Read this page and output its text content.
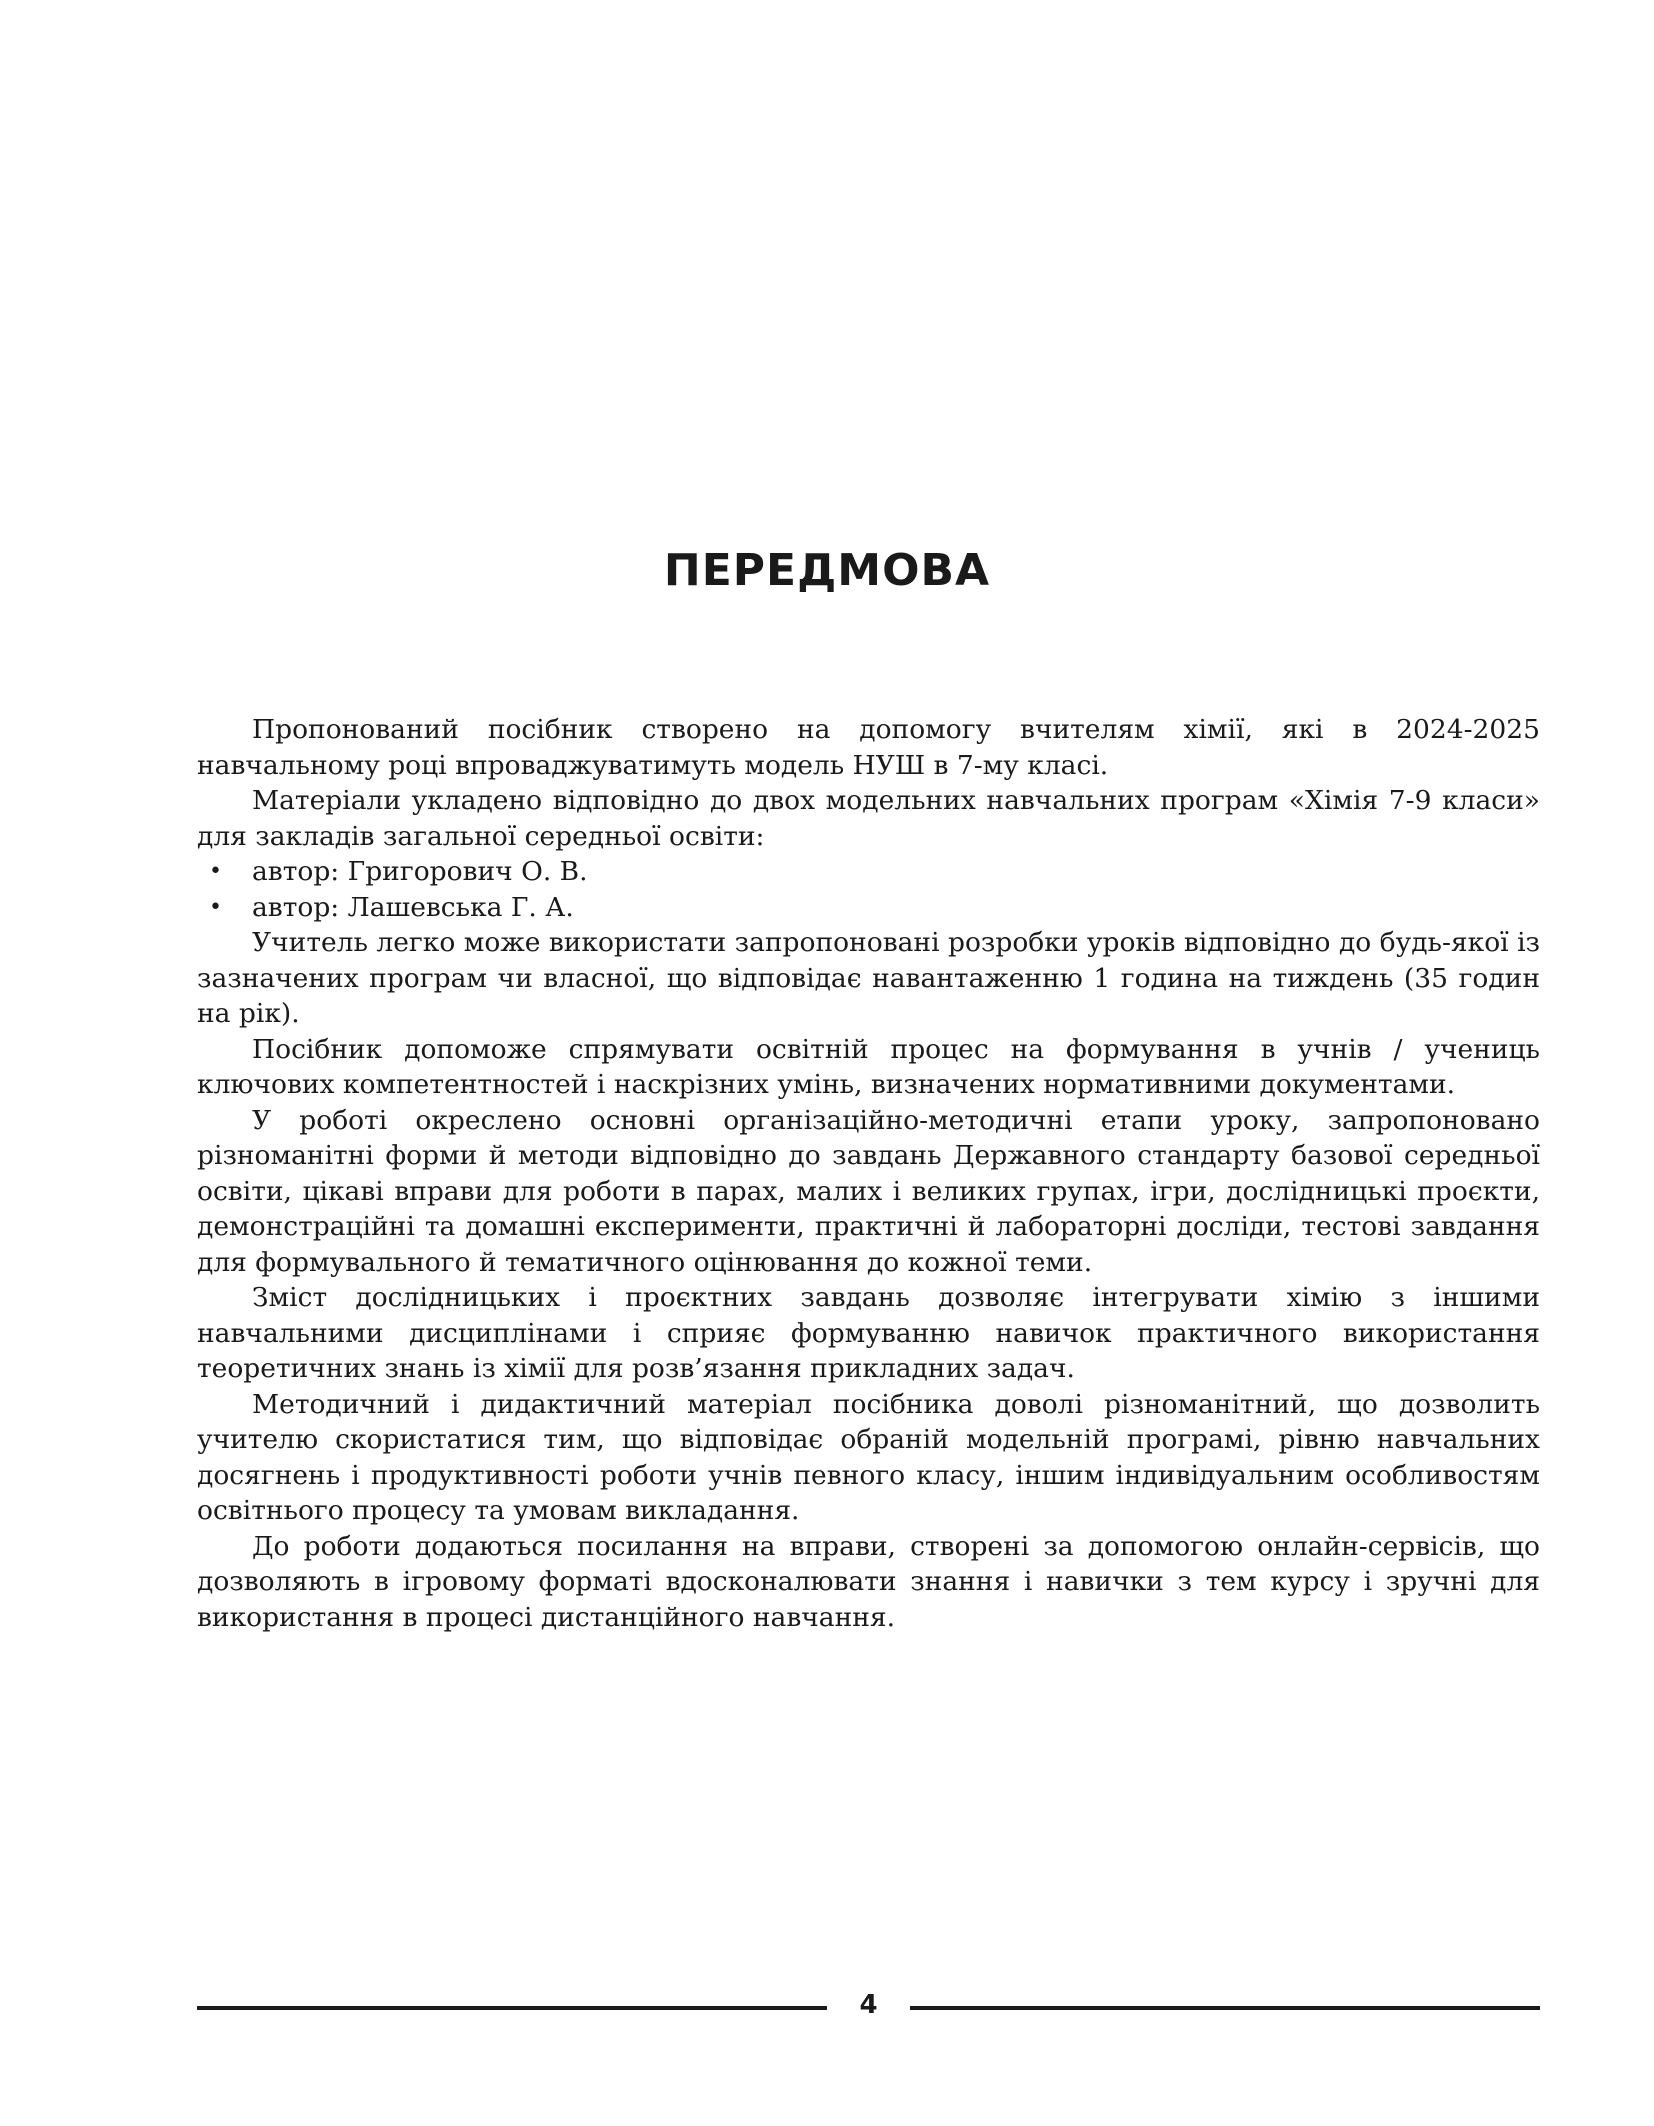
ПЕРЕДМОВА

Пропонований посібник створено на допомогу вчителям хімії, які в 2024-2025 навчальному році впроваджуватимуть модель НУШ в 7-му класі.

Матеріали укладено відповідно до двох модельних навчальних програм «Хімія 7-9 класи» для закладів загальної середньої освіти:

• автор: Григорович О. В.
• автор: Лашевська Г. А.

Учитель легко може використати запропоновані розробки уроків відповідно до будь-якої із зазначених програм чи власної, що відповідає навантаженню 1 година на тиждень (35 годин на рік).

Посібник допоможе спрямувати освітній процес на формування в учнів / учениць ключових компетентностей і наскрізних умінь, визначених нормативними документами.

У роботі окреслено основні організаційно-методичні етапи уроку, запропоновано різноманітні форми й методи відповідно до завдань Державного стандарту базової середньої освіти, цікаві вправи для роботи в парах, малих і великих групах, ігри, дослідницькі проєкти, демонстраційні та домашні експерименти, практичні й лабораторні досліди, тестові завдання для формувального й тематичного оцінювання до кожної теми.

Зміст дослідницьких і проєктних завдань дозволяє інтегрувати хімію з іншими навчальними дисциплінами і сприяє формуванню навичок практичного використання теоретичних знань із хімії для розв’язання прикладних задач.

Методичний і дидактичний матеріал посібника доволі різноманітний, що дозволить учителю скористатися тим, що відповідає обраній модельній програмі, рівню навчальних досягнень і продуктивності роботи учнів певного класу, іншим індивідуальним особливостям освітнього процесу та умовам викладання.

До роботи додаються посилання на вправи, створені за допомогою онлайн-сервісів, що дозволяють в ігровому форматі вдосконалювати знання і навички з тем курсу і зручні для використання в процесі дистанційного навчання.

4
